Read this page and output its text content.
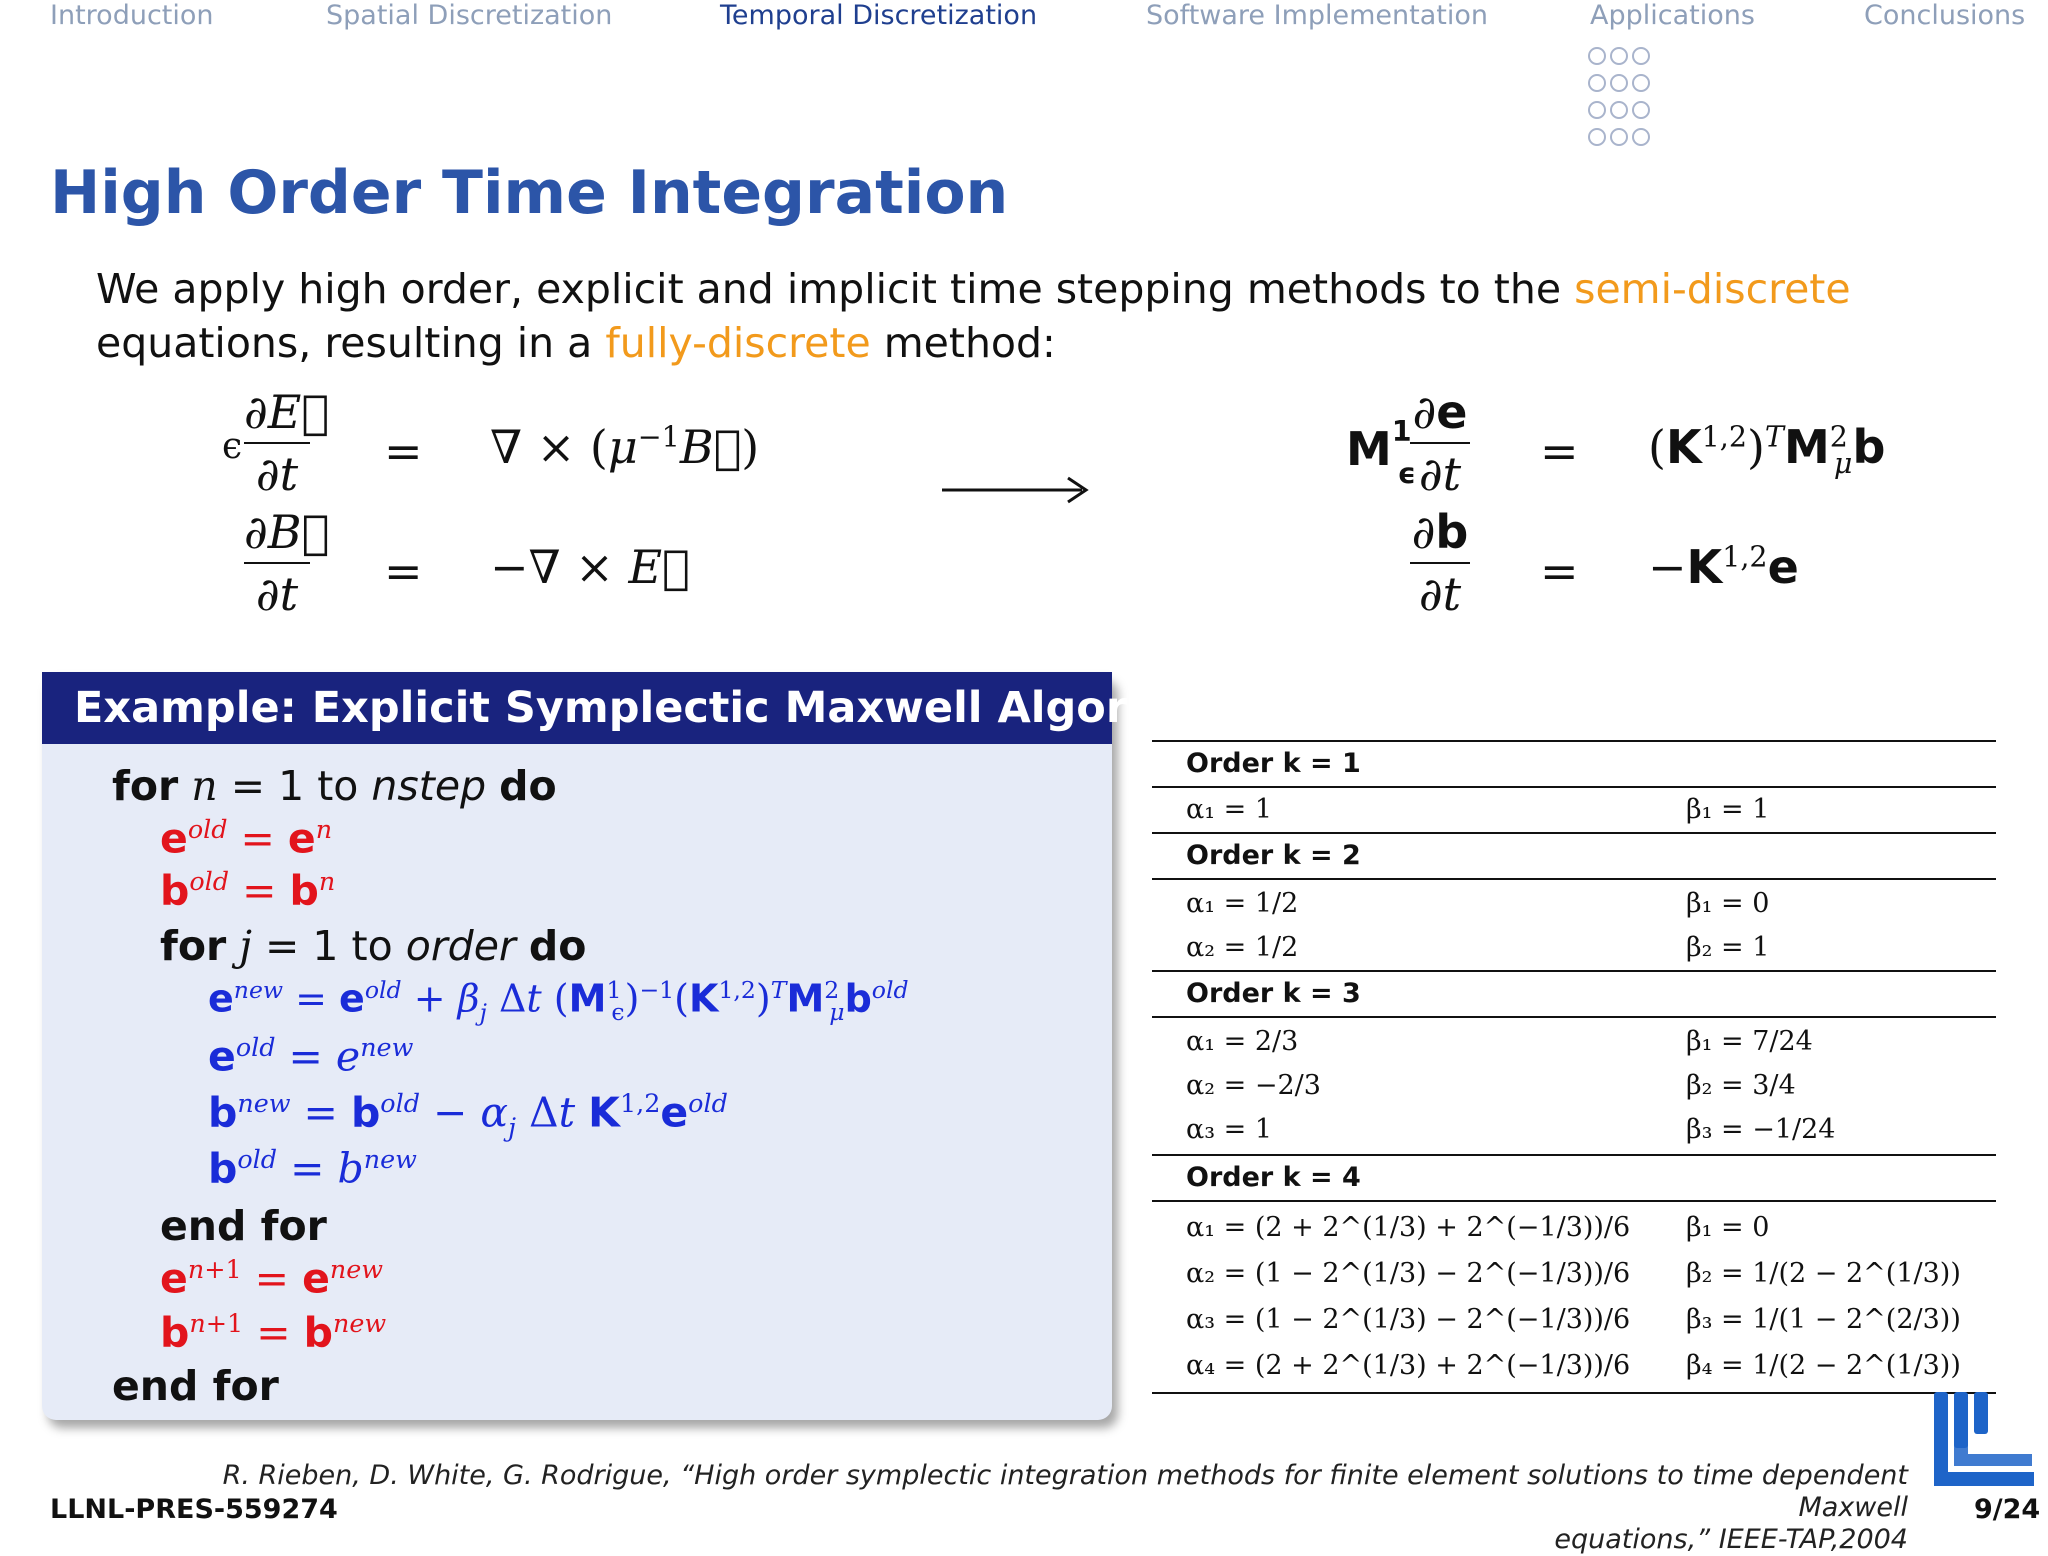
Introduction	Spatial Discretization	Temporal Discretization	Software Implementation	Applications	Conclusions
High Order Time Integration
We apply high order, explicit and implicit time stepping methods to the semi-discrete
equations, resulting in a fully-discrete method:
ϵ
∂E⃗
∂t = ∇ × $(\mu^{-1}B⃗)$
∂B⃗
∂t = −∇ × E⃗
$M^1_\epsilon$
∂e
$\partial t = (K^{1,2})^TM^2_\mu b$
∂b
$\partial t = -K^{1,2}e$
Example: Explicit Symplectic Maxwell Algorithm
for n = 1 to nstep do
$e^{old} = e^n$
$b^{old} = b^n$
for j = 1 to order do
$e^{new} = e^{old} + \beta_j$ Δt $(M^1_\epsilon)^{-1}(K^{1,2})^TM^2_\mu b^{old}$
$e^{old} = e^{new}$
$b^{new} = b^{old} - \alpha_j$ Δt $K^{1,2}e^{old}$
$b^{old} = b^{new}$
end for
$e^{n+1} = e^{new}$
$b^{n+1} = b^{new}$
end for
Order k = 1
α₁ = 1	β₁ = 1
Order k = 2
α₁ = 1/2	β₁ = 0
α₂ = 1/2	β₂ = 1
Order k = 3
α₁ = 2/3	β₁ = 7/24
α₂ = −2/3	β₂ = 3/4
α₃ = 1	β₃ = −1/24
Order k = 4
α₁ = (2 + 2^(1/3) + 2^(−1/3))/6 β₁ = 0
α₂ = (1 − 2^(1/3) − 2^(−1/3))/6 β₂ = 1/(2 − 2^(1/3))
α₃ = (1 − 2^(1/3) − 2^(−1/3))/6 β₃ = 1/(1 − 2^(2/3))
α₄ = (2 + 2^(1/3) + 2^(−1/3))/6 β₄ = 1/(2 − 2^(1/3))
R. Rieben, D. White, G. Rodrigue, “High order symplectic integration methods for finite element solutions to time dependent Maxwell
equations,” IEEE-TAP,2004
LLNL-PRES-559274	9/24
